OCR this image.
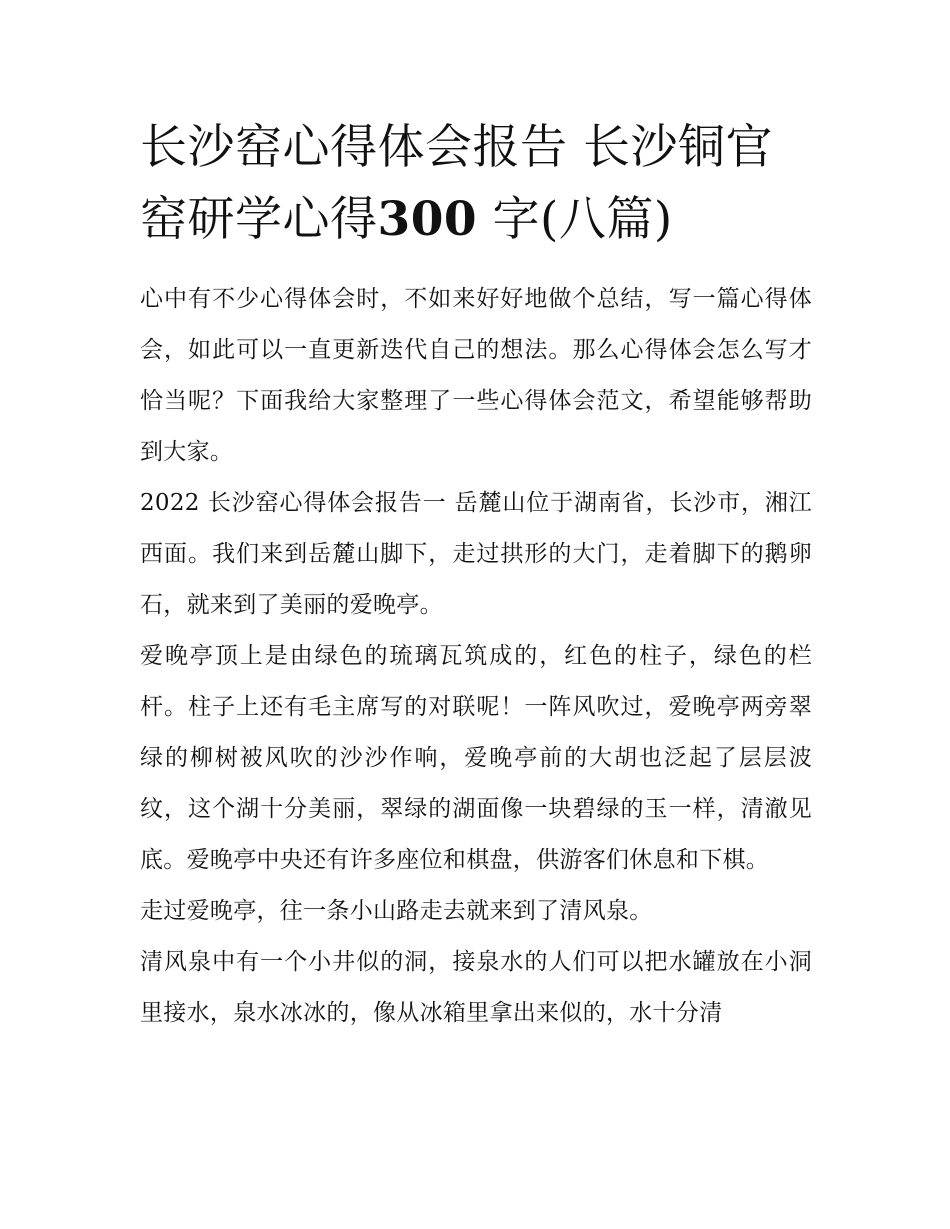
长沙窑心得体会报告 长沙铜官窑研学心得300 字(八篇)

心中有不少心得体会时，不如来好好地做个总结，写一篇心得体会，如此可以一直更新迭代自己的想法。那么心得体会怎么写才恰当呢？下面我给大家整理了一些心得体会范文，希望能够帮助到大家。

2022 长沙窑心得体会报告一 岳麓山位于湖南省，长沙市，湘江西面。我们来到岳麓山脚下，走过拱形的大门，走着脚下的鹅卵石，就来到了美丽的爱晚亭。

爱晚亭顶上是由绿色的琉璃瓦筑成的，红色的柱子，绿色的栏杆。柱子上还有毛主席写的对联呢！一阵风吹过，爱晚亭两旁翠绿的柳树被风吹的沙沙作响，爱晚亭前的大胡也泛起了层层波纹，这个湖十分美丽，翠绿的湖面像一块碧绿的玉一样，清澈见底。爱晚亭中央还有许多座位和棋盘，供游客们休息和下棋。

走过爱晚亭，往一条小山路走去就来到了清风泉。

清风泉中有一个小井似的洞，接泉水的人们可以把水罐放在小洞里接水，泉水冰冰的，像从冰箱里拿出来似的，水十分清
